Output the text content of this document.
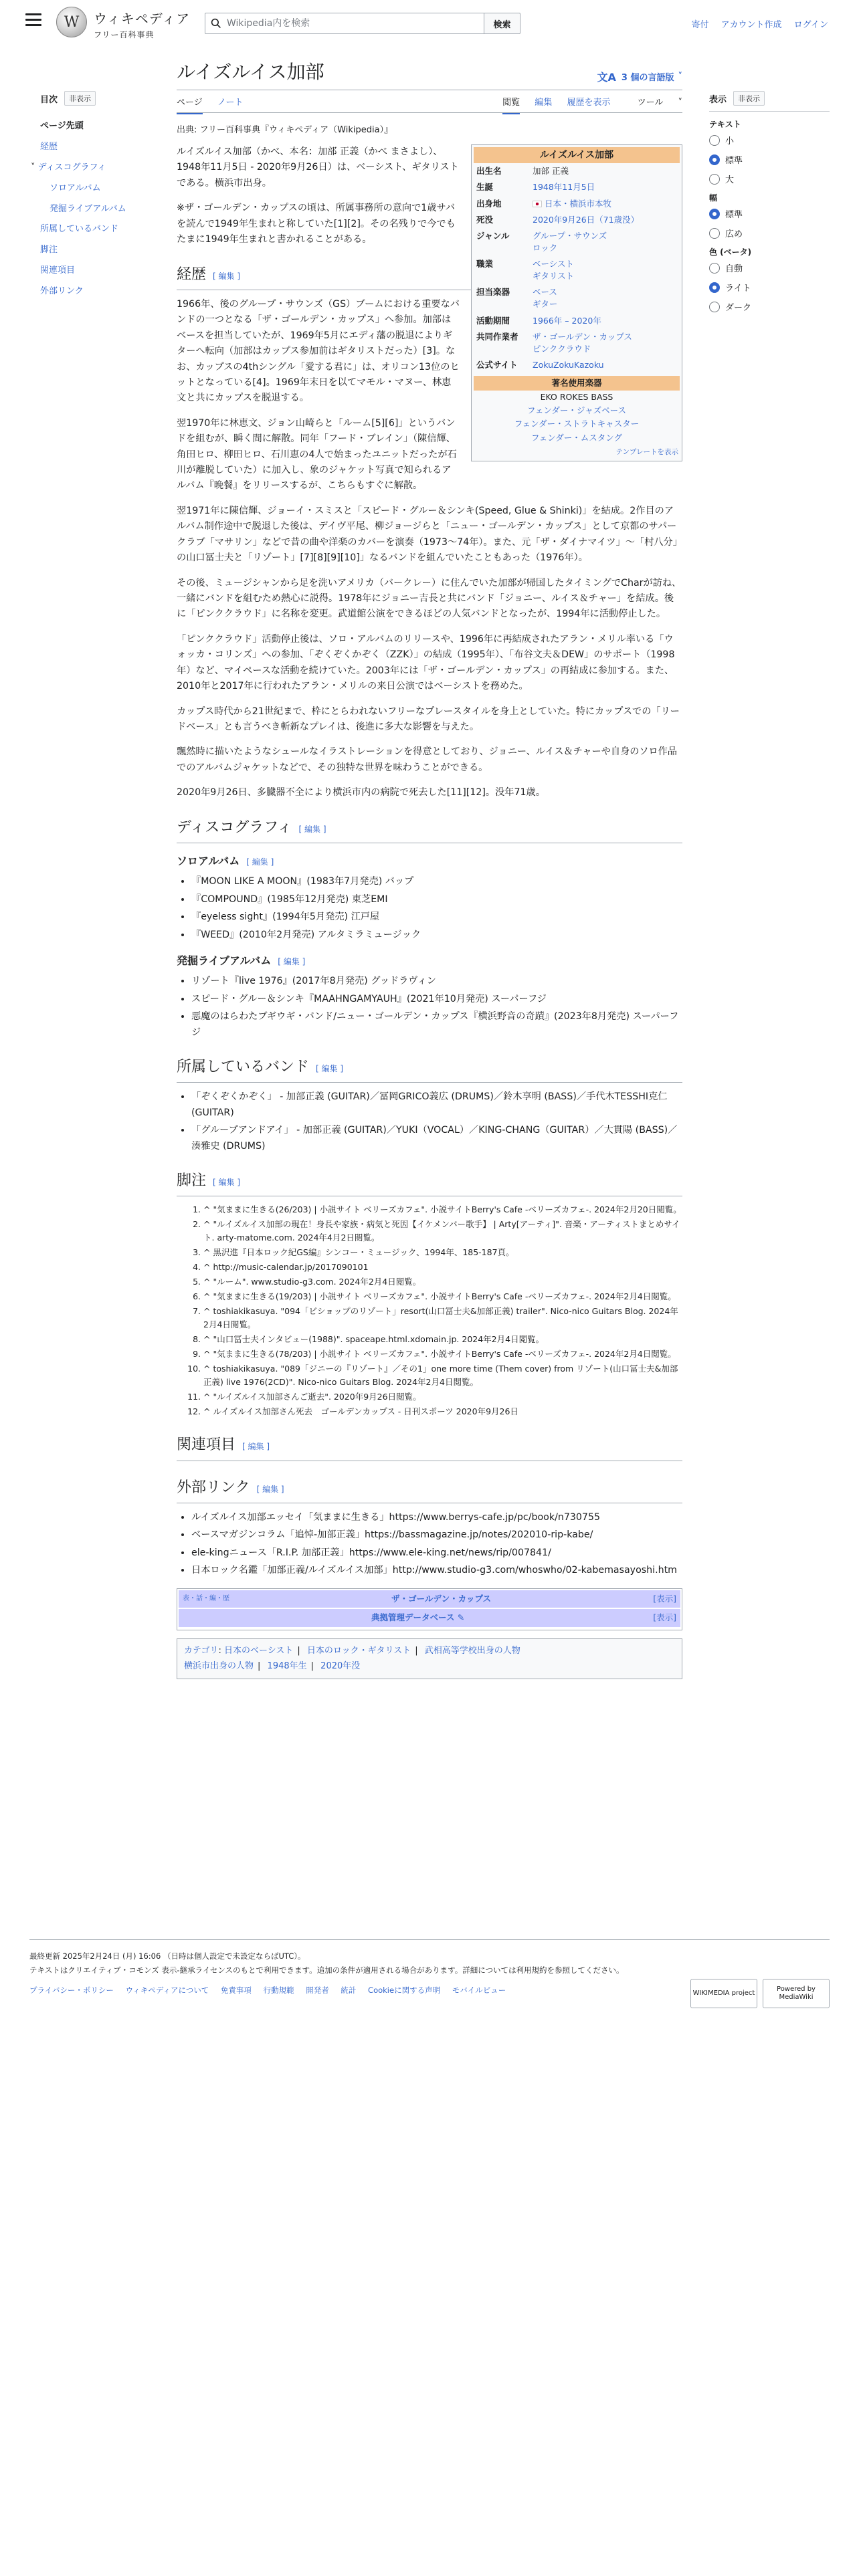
W	ウィキペディア
フリー百科事典
Wikipedia内を検索
検索	寄付 アカウント作成 ログイン
目次	非表示
ページ先頭
経歴
˅ ディスコグラフィ
ソロアルバム
発掘ライブアルバム
所属しているバンド
脚注
関連項目
外部リンク
ルイズルイス加部	文A 3 個の言語版 ˅
ページ ノート	閲覧 編集 履歴を表示	ツール ˅
出典: フリー百科事典『ウィキペディア（Wikipedia）』
ルイズルイス加部
出生名	加部 正義
生誕	1948年11月5日
出身地	日本・横浜市本牧
死没	2020年9月26日（71歳没）
ジャンル	グループ・サウンズ
ロック
職業	ベーシスト
ギタリスト
担当楽器	ベース
ギター
活動期間	1966年 – 2020年
共同作業者	ザ・ゴールデン・カップス
ピンククラウド
公式サイト	ZokuZokuKazoku
著名使用楽器
EKO ROKES BASS
フェンダー・ジャズベース
フェンダー・ストラトキャスター
フェンダー・ムスタング
テンプレートを表示

ルイズルイス加部（かべ、本名：加部 正義（かべ まさよし）、1948年11月5日 - 2020年9月26日）は、ベーシスト、ギタリストである。横浜市出身。

※ザ・ゴールデン・カップスの頃は、所属事務所の意向で1歳サバを読んで1949年生まれと称していた[1][2]。その名残りで今でもたまに1949年生まれと書かれることがある。

経歴 [ 編集 ]

1966年、後のグループ・サウンズ（GS）ブームにおける重要なバンドの一つとなる「ザ・ゴールデン・カップス」へ参加。加部はベースを担当していたが、1969年5月にエディ藩の脱退によりギターへ転向（加部はカップス参加前はギタリストだった）[3]。なお、カップスの4thシングル「愛する君に」は、オリコン13位のヒットとなっている[4]。1969年末日を以てマモル・マヌー、林恵文と共にカップスを脱退する。

翌1970年に林恵文、ジョン山崎らと「ルーム[5][6]」というバンドを組むが、瞬く間に解散。同年「フード・ブレイン」（陳信輝、角田ヒロ、柳田ヒロ、石川恵の4人で始まったユニットだったが石川が離脱していた）に加入し、象のジャケット写真で知られるアルバム『晩餐』をリリースするが、こちらもすぐに解散。

翌1971年に陳信輝、ジョーイ・スミスと「スピード・グルー＆シンキ(Speed, Glue & Shinki)」を結成。2作目のアルバム制作途中で脱退した後は、デイヴ平尾、柳ジョージらと「ニュー・ゴールデン・カップス」として京都のサパークラブ「マサリン」などで昔の曲や洋楽のカバーを演奏（1973〜74年）。また、元「ザ・ダイナマイツ」〜「村八分」の山口冨士夫と「リゾート」[7][8][9][10]」なるバンドを組んでいたこともあった（1976年）。

その後、ミュージシャンから足を洗いアメリカ（バークレー）に住んでいた加部が帰国したタイミングでCharが訪ね、一緒にバンドを組むため熱心に説得。1978年にジョニー吉長と共にバンド「ジョニー、ルイス＆チャー」を結成。後に「ピンククラウド」に名称を変更。武道館公演をできるほどの人気バンドとなったが、1994年に活動停止した。

「ピンククラウド」活動停止後は、ソロ・アルバムのリリースや、1996年に再結成されたアラン・メリル率いる「ウォッカ・コリンズ」への参加、「ぞくぞくかぞく（ZZK）」の結成（1995年）、「布谷文夫＆DEW」のサポート（1998年）など、マイペースな活動を続けていた。2003年には「ザ・ゴールデン・カップス」の再結成に参加する。また、2010年と2017年に行われたアラン・メリルの来日公演ではベーシストを務めた。

カップス時代から21世紀まで、枠にとらわれないフリーなプレースタイルを身上としていた。特にカップスでの「リードベース」とも言うべき斬新なプレイは、後進に多大な影響を与えた。

飄然時に描いたようなシュールなイラストレーションを得意としており、ジョニー、ルイス＆チャーや自身のソロ作品でのアルバムジャケットなどで、その独特な世界を味わうことができる。

2020年9月26日、多臓器不全により横浜市内の病院で死去した[11][12]。没年71歳。

ディスコグラフィ [ 編集 ]
ソロアルバム [ 編集 ]
• 『MOON LIKE A MOON』(1983年7月発売) バップ
• 『COMPOUND』(1985年12月発売) 東芝EMI
• 『eyeless sight』(1994年5月発売) 江戸屋
• 『WEED』(2010年2月発売) アルタミラミュージック
発掘ライブアルバム [ 編集 ]
• リゾート『live 1976』(2017年8月発売) グッドラヴィン
• スピード・グルー＆シンキ『MAAHNGAMYAUH』(2021年10月発売) スーパーフジ
• 悪魔のはらわたブギウギ・バンド/ニュー・ゴールデン・カップス『横浜野音の奇蹟』(2023年8月発売) スーパーフジ
所属しているバンド [ 編集 ]
• 「ぞくぞくかぞく」 - 加部正義 (GUITAR)／冨岡GRICO義広 (DRUMS)／鈴木享明 (BASS)／手代木TESSHI克仁 (GUITAR)
• 「グループアンドアイ」 - 加部正義 (GUITAR)／YUKI（VOCAL）／KING-CHANG（GUITAR）／大貫陽 (BASS)／湊雅史 (DRUMS)
脚注 [ 編集 ]
1. ^ "気ままに生きる(26/203) | 小説サイト ベリーズカフェ". 小説サイトBerry's Cafe -ベリーズカフェ-. 2024年2月20日閲覧。
2. ^ "ルイズルイス加部の現在！身長や家族・病気と死因【イケメンバー歌手】 | Arty[アーティ]". 音楽・アーティストまとめサイト. arty-matome.com. 2024年4月2日閲覧。
3. ^ 黒沢進『日本ロック紀GS編』シンコー・ミュージック、1994年、185-187頁。
4. ^ http://music-calendar.jp/2017090101
5. ^ "ルーム". www.studio-g3.com. 2024年2月4日閲覧。
6. ^ "気ままに生きる(19/203) | 小説サイト ベリーズカフェ". 小説サイトBerry's Cafe -ベリーズカフェ-. 2024年2月4日閲覧。
7. ^ toshiakikasuya. "094「ビショップのリゾート」resort(山口冨士夫&加部正義) trailer". Nico-nico Guitars Blog. 2024年2月4日閲覧。
8. ^ "山口冨士夫インタビュー(1988)". spaceape.html.xdomain.jp. 2024年2月4日閲覧。
9. ^ "気ままに生きる(78/203) | 小説サイト ベリーズカフェ". 小説サイトBerry's Cafe -ベリーズカフェ-. 2024年2月4日閲覧。
10. ^ toshiakikasuya. "089「ジニーの『リゾート』／その1」one more time (Them cover) from リゾート(山口冨士夫&加部正義) live 1976(2CD)". Nico-nico Guitars Blog. 2024年2月4日閲覧。
11. ^ "ルイズルイス加部さんご逝去". 2020年9月26日閲覧。
12. ^ ルイズルイス加部さん死去　ゴールデンカップス - 日刊スポーツ 2020年9月26日
関連項目 [ 編集 ]
外部リンク [ 編集 ]
• ルイズルイス加部エッセイ「気ままに生きる」https://www.berrys-cafe.jp/pc/book/n730755
• ベースマガジンコラム「追悼-加部正義」https://bassmagazine.jp/notes/202010-rip-kabe/
• ele-kingニュース「R.I.P. 加部正義」https://www.ele-king.net/news/rip/007841/
• 日本ロック名鑑「加部正義/ルイズルイス加部」http://www.studio-g3.com/whoswho/02-kabemasayoshi.htm
表・話・編・歴	ザ・ゴールデン・カップス	[表示]
典拠管理データベース ✎	[表示]
カテゴリ: 日本のベーシスト | 日本のロック・ギタリスト | 武相高等学校出身の人物
横浜市出身の人物 | 1948年生 | 2020年没
表示	非表示
テキスト
小
標準
大
幅
標準
広め
色 (ベータ)
自動
ライト
ダーク
最終更新 2025年2月24日 (月) 16:06 （日時は個人設定で未設定ならばUTC）。
テキストはクリエイティブ・コモンズ 表示-継承ライセンスのもとで利用できます。追加の条件が適用される場合があります。詳細については利用規約を参照してください。
プライバシー・ポリシー ウィキペディアについて 免責事項 行動規範 開発者 統計 Cookieに関する声明 モバイルビュー	WIKIMEDIA project
Powered by MediaWiki
